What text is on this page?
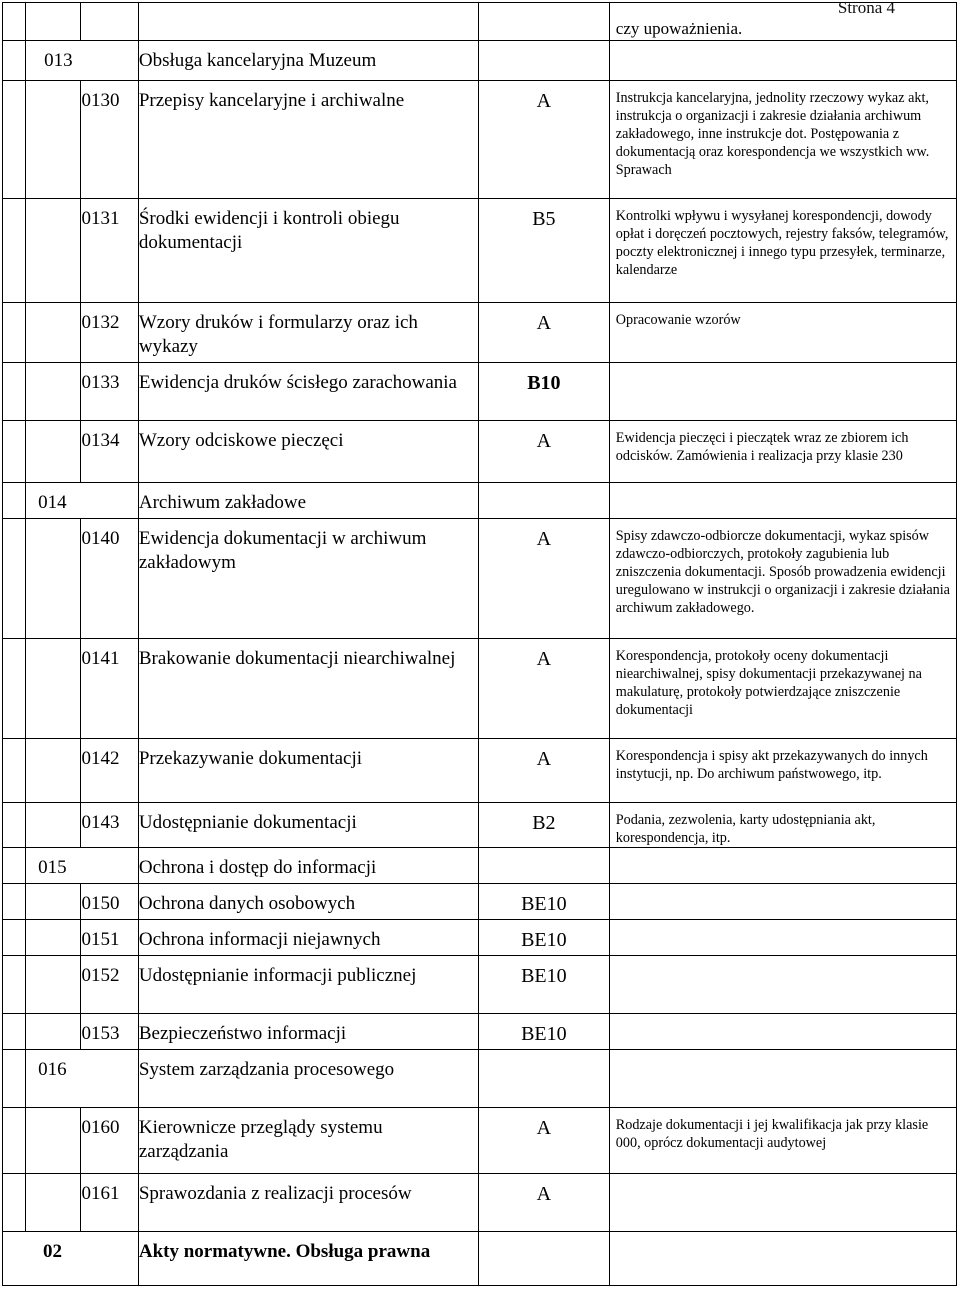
Strona 4
					czy upoważnienia.
	013		Obsługa kancelaryjna Muzeum		
		0130	Przepisy kancelaryjne i archiwalne	A	Instrukcja kancelaryjna, jednolity rzeczowy wykaz akt, instrukcja o organizacji i zakresie działania archiwum zakładowego, inne instrukcje dot. Postępowania z dokumentacją oraz korespondencja we wszystkich ww. Sprawach
		0131	Środki ewidencji i kontroli obiegu dokumentacji	B5	Kontrolki wpływu i wysyłanej korespondencji, dowody opłat i doręczeń pocztowych, rejestry faksów, telegramów, poczty elektronicznej i innego typu przesyłek, terminarze, kalendarze
		0132	Wzory druków i formularzy oraz ich wykazy	A	Opracowanie wzorów
		0133	Ewidencja druków ścisłego zarachowania	B10	
		0134	Wzory odciskowe pieczęci	A	Ewidencja pieczęci i pieczątek wraz ze zbiorem ich odcisków. Zamówienia i realizacja przy klasie 230
	014		Archiwum zakładowe		
		0140	Ewidencja dokumentacji w archiwum zakładowym	A	Spisy zdawczo-odbiorcze dokumentacji, wykaz spisów zdawczo-odbiorczych, protokoły zagubienia lub zniszczenia dokumentacji. Sposób prowadzenia ewidencji uregulowano w instrukcji o organizacji i zakresie działania archiwum zakładowego.
		0141	Brakowanie dokumentacji niearchiwalnej	A	Korespondencja, protokoły oceny dokumentacji niearchiwalnej, spisy dokumentacji przekazywanej na makulaturę, protokoły potwierdzające zniszczenie dokumentacji
		0142	Przekazywanie dokumentacji	A	Korespondencja i spisy akt przekazywanych do innych instytucji, np. Do archiwum państwowego, itp.
		0143	Udostępnianie dokumentacji	B2	Podania, zezwolenia, karty udostępniania akt, korespondencja, itp.
	015		Ochrona i dostęp do informacji		
		0150	Ochrona danych osobowych	BE10	
		0151	Ochrona informacji niejawnych	BE10	
		0152	Udostępnianie informacji publicznej	BE10	
		0153	Bezpieczeństwo informacji	BE10	
	016		System zarządzania procesowego		
		0160	Kierownicze przeglądy systemu zarządzania	A	Rodzaje dokumentacji i jej kwalifikacja jak przy klasie 000, oprócz dokumentacji audytowej
		0161	Sprawozdania z realizacji procesów	A	
02			Akty normatywne. Obsługa prawna		
